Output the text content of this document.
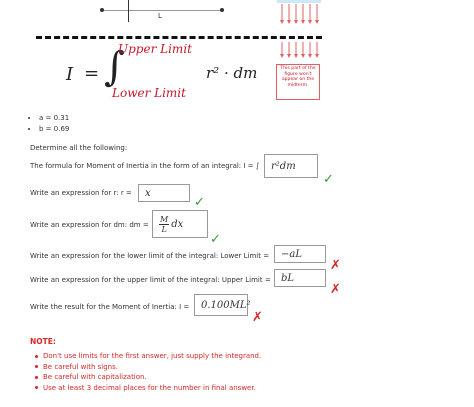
L
I = ∫
Upper Limit
Lower Limit
r² · dm	This part of the figure won't appear on the midterm.
• a = 0.31
• b = 0.69
Determine all the following:
The formula for Moment of Inertia in the form of an integral: I = ∫ r²dm
✓
Write an expression for r: r = x
✓
Write an expression for dm: dm =
M
L dx
✓
Write an expression for the lower limit of the integral: Lower Limit = −aL
✗
Write an expression for the upper limit of the integral: Upper Limit = bL
✗
Write the result for the Moment of Inertia: I = 0.100ML²
✗
NOTE:
Don't use limits for the first answer, just supply the integrand.
Be careful with signs.
Be careful with capitalization.
Use at least 3 decimal places for the number in final answer.
